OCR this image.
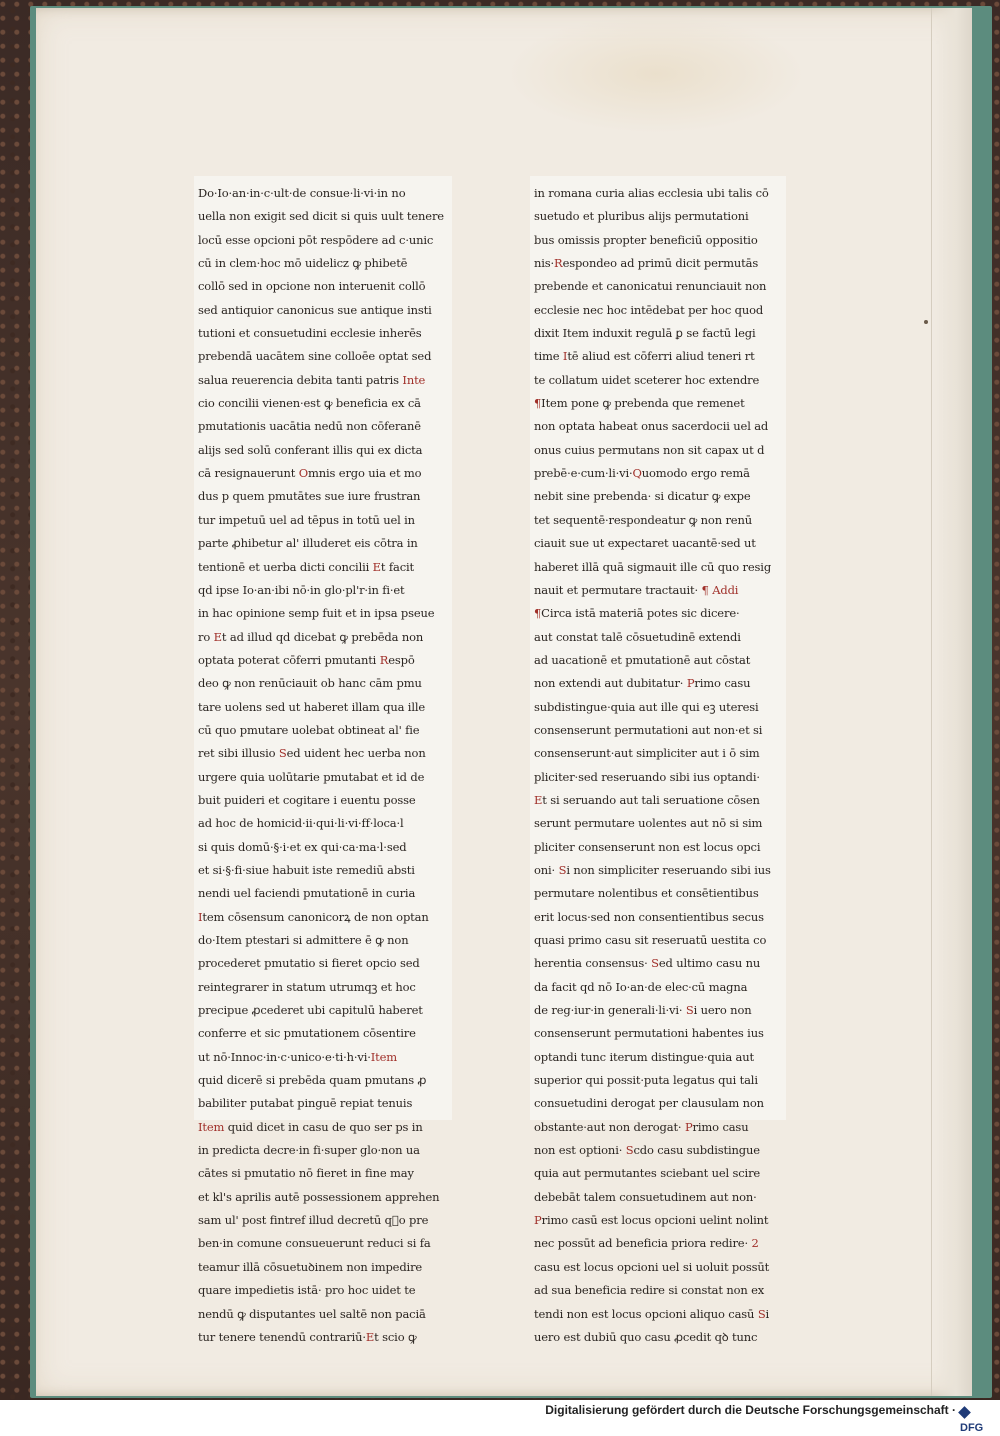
Do·Io·an·in·c·ult·de consue·li·vi·in no
uella non exigit sed dicit si quis uult tenere
locū esse opcioni pōt respōdere ad c·unic
cū in clem·hoc mō uidelicz ꝙ phibetē
collō sed in opcione non interuenit collō
sed antiquior canonicus sue antique insti
tutioni et consuetudini ecclesie inherēs
prebendā uacātem sine colloēe optat sed
salua reuerencia debita tanti patris Inte
cio concilii vienen·est ꝙ beneficia ex cā
pmutationis uacātia nedū non cōferanē
alijs sed solū conferant illis qui ex dicta
cā resignauerunt Omnis ergo uia et mo
dus p quem pmutātes sue iure frustran
tur impetuū uel ad tēpus in totū uel in
parte ꝓhibetur al' illuderet eis cōtra in
tentionē et uerba dicti concilii Et facit
qd ipse Io·an·ibi nō·in glo·pl'r·in fi·et
in hac opinione semp fuit et in ipsa pseue
ro Et ad illud qd dicebat ꝙ prebēda non
optata poterat cōferri pmutanti Respō
deo ꝙ non renūciauit ob hanc cām pmu
tare uolens sed ut haberet illam qua ille
cū quo pmutare uolebat obtineat al' fie
ret sibi illusio Sed uident hec uerba non
urgere quia uolūtarie pmutabat et id de
buit puideri et cogitare i euentu posse
ad hoc de homicid·ii·qui·li·vi·ff·loca·l
si quis domū·§·i·et ex qui·ca·ma·l·sed
et si·§·fi·siue habuit iste remediū absti
nendi uel faciendi pmutationē in curia
Item cōsensum canonicorꝝ de non optan
do·Item ptestari si admittere ē ꝙ non
procederet pmutatio si fieret opcio sed
reintegrarer in statum utrumqꝫ et hoc
precipue ꝓcederet ubi capitulū haberet
conferre et sic pmutationem cōsentire
ut nō·Innoc·in·c·unico·e·ti·h·vi·Item
quid dicerē si prebēda quam pmutans ꝓ
babiliter putabat pinguē repiat tenuis
Item quid dicet in casu de quo ser ps in
in predicta decre·in fi·super glo·non ua
cātes si pmutatio nō fieret in fine may
et kl's aprilis autē possessionem apprehen
sam ul' post fintref illud decretū qᷓo pre
ben·in comune consueuerunt reduci si fa
teamur illā cōsuetuꝺinem non impedire
quare impedietis istā· pro hoc uidet te
nendū ꝙ disputantes uel saltē non paciā
tur tenere tenendū contrariū·Et scio ꝙ
in romana curia alias ecclesia ubi talis cō
suetudo et pluribus alijs permutationi
bus omissis propter beneficiū oppositio
nis·Respondeo ad primū dicit permutās
prebende et canonicatui renunciauit non
ecclesie nec hoc intēdebat per hoc quod
dixit Item induxit regulā ꝑ se factū legi
time Itē aliud est cōferri aliud teneri rt
te collatum uidet sceterer hoc extendre
¶Item pone ꝙ prebenda que remenet
non optata habeat onus sacerdocii uel ad
onus cuius permutans non sit capax ut d
prebē·e·cum·li·vi·Quomodo ergo remā
nebit sine prebenda· si dicatur ꝙ expe
tet sequentē·respondeatur ꝙ non renū
ciauit sue ut expectaret uacantē·sed ut
haberet illā quā sigmauit ille cū quo resig
nauit et permutare tractauit· ¶ Addi
¶Circa istā materiā potes sic dicere·
aut constat talē cōsuetudinē extendi
ad uacationē et pmutationē aut cōstat
non extendi aut dubitatur· Primo casu
subdistingue·quia aut ille qui eꝫ uteresi
consenserunt permutationi aut non·et si
consenserunt·aut simpliciter aut i ō sim
pliciter·sed reseruando sibi ius optandi·
Et si seruando aut tali seruatione cōsen
serunt permutare uolentes aut nō si sim
pliciter consenserunt non est locus opci
oni· Si non simpliciter reseruando sibi ius
permutare nolentibus et consētientibus
erit locus·sed non consentientibus secus
quasi primo casu sit reseruatū uestita co
herentia consensus· Sed ultimo casu nu
da facit qd nō Io·an·de elec·cū magna
de reg·iur·in generali·li·vi· Si uero non
consenserunt permutationi habentes ius
optandi tunc iterum distingue·quia aut
superior qui possit·puta legatus qui tali
consuetudini derogat per clausulam non
obstante·aut non derogat· Primo casu
non est optioni· Scdo casu subdistingue
quia aut permutantes sciebant uel scire
debebāt talem consuetudinem aut non·
Primo casū est locus opcioni uelint nolint
nec possūt ad beneficia priora redire· 2
casu est locus opcioni uel si uoluit possūt
ad sua beneficia redire si constat non ex
tendi non est locus opcioni aliquo casū Si
uero est dubiū quo casu ꝓcedit qꝺ tunc
Digitalisierung gefördert durch die Deutsche Forschungsgemeinschaft ·
DFG
